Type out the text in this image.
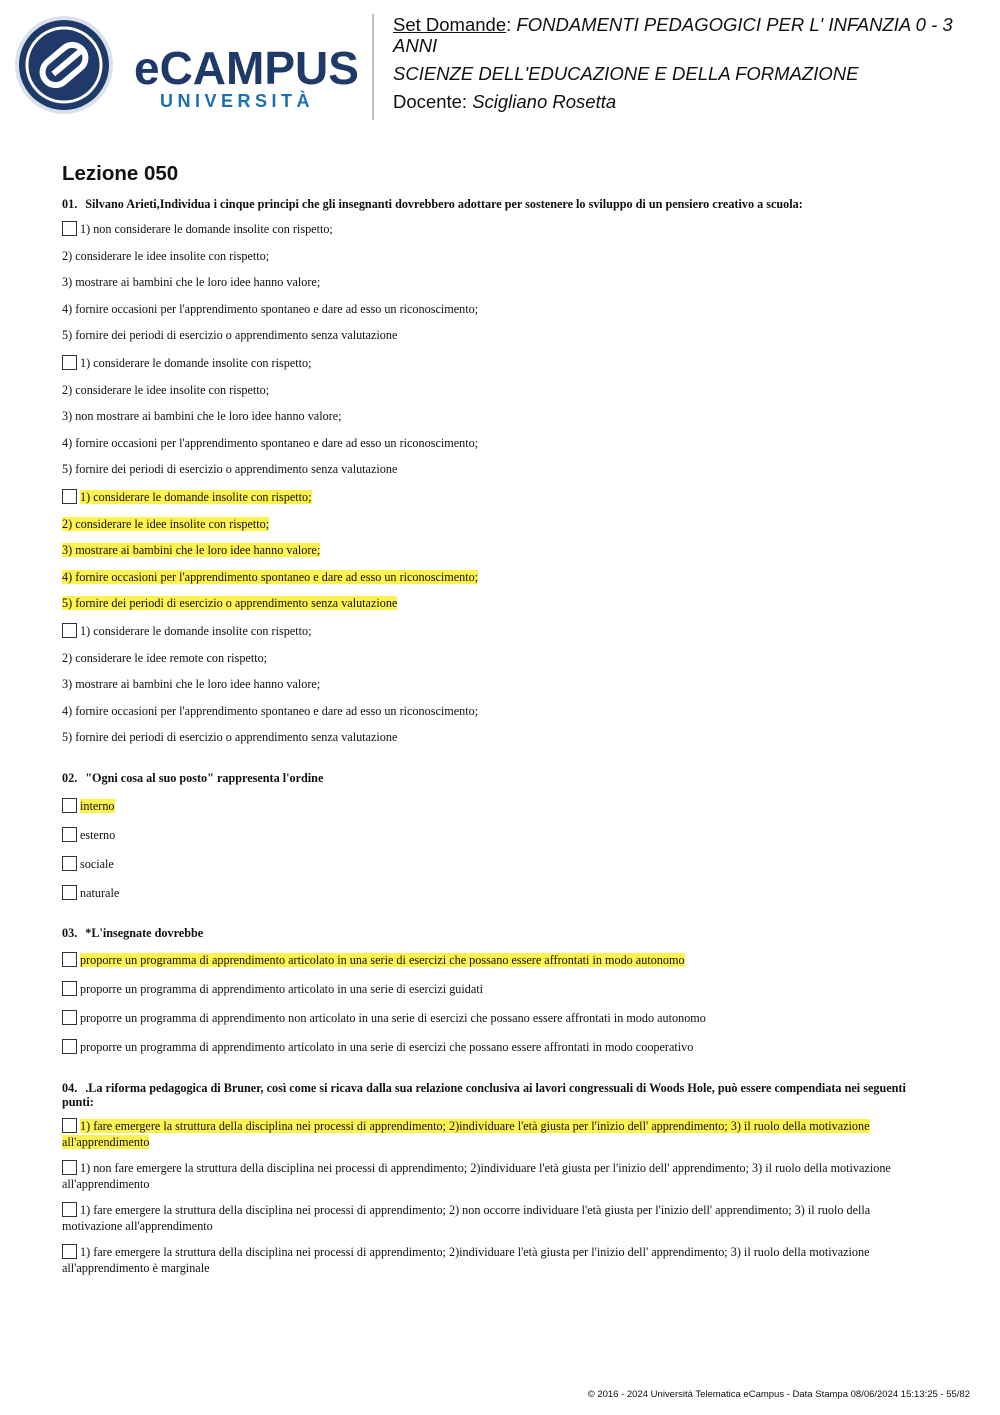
eCAMPUS
UNIVERSITÀ
Set Domande: FONDAMENTI PEDAGOGICI PER L' INFANZIA 0 - 3 ANNI
SCIENZE DELL'EDUCAZIONE E DELLA FORMAZIONE
Docente: Scigliano Rosetta
Lezione 050
01. Silvano Arieti,Individua i cinque principi che gli insegnanti dovrebbero adottare per sostenere lo sviluppo di un pensiero creativo a scuola:
1) non considerare le domande insolite con rispetto;
2) considerare le idee insolite con rispetto;
3) mostrare ai bambini che le loro idee hanno valore;
4) fornire occasioni per l'apprendimento spontaneo e dare ad esso un riconoscimento;
5) fornire dei periodi di esercizio o apprendimento senza valutazione
1) considerare le domande insolite con rispetto;
2) considerare le idee insolite con rispetto;
3) non mostrare ai bambini che le loro idee hanno valore;
4) fornire occasioni per l'apprendimento spontaneo e dare ad esso un riconoscimento;
5) fornire dei periodi di esercizio o apprendimento senza valutazione
1) considerare le domande insolite con rispetto;
2) considerare le idee insolite con rispetto;
3) mostrare ai bambini che le loro idee hanno valore;
4) fornire occasioni per l'apprendimento spontaneo e dare ad esso un riconoscimento;
5) fornire dei periodi di esercizio o apprendimento senza valutazione
1) considerare le domande insolite con rispetto;
2) considerare le idee remote con rispetto;
3) mostrare ai bambini che le loro idee hanno valore;
4) fornire occasioni per l'apprendimento spontaneo e dare ad esso un riconoscimento;
5) fornire dei periodi di esercizio o apprendimento senza valutazione
02. "Ogni cosa al suo posto" rappresenta l'ordine
interno
esterno
sociale
naturale
03. *L'insegnate dovrebbe
proporre un programma di apprendimento articolato in una serie di esercizi che possano essere affrontati in modo autonomo
proporre un programma di apprendimento articolato in una serie di esercizi guidati
proporre un programma di apprendimento non articolato in una serie di esercizi che possano essere affrontati in modo autonomo
proporre un programma di apprendimento articolato in una serie di esercizi che possano essere affrontati in modo cooperativo
04. .La riforma pedagogica di Bruner, così come si ricava dalla sua relazione conclusiva ai lavori congressuali di Woods Hole, può essere compendiata nei seguenti punti:
1) fare emergere la struttura della disciplina nei processi di apprendimento; 2)individuare l'età giusta per l'inizio dell' apprendimento; 3) il ruolo della motivazione all'apprendimento
1) non fare emergere la struttura della disciplina nei processi di apprendimento; 2)individuare l'età giusta per l'inizio dell' apprendimento; 3) il ruolo della motivazione all'apprendimento
1) fare emergere la struttura della disciplina nei processi di apprendimento; 2) non occorre individuare l'età giusta per l'inizio dell' apprendimento; 3) il ruolo della motivazione all'apprendimento
1) fare emergere la struttura della disciplina nei processi di apprendimento; 2)individuare l'età giusta per l'inizio dell' apprendimento; 3) il ruolo della motivazione all'apprendimento è marginale
© 2016 - 2024 Università Telematica eCampus - Data Stampa 08/06/2024 15:13:25 - 55/82
